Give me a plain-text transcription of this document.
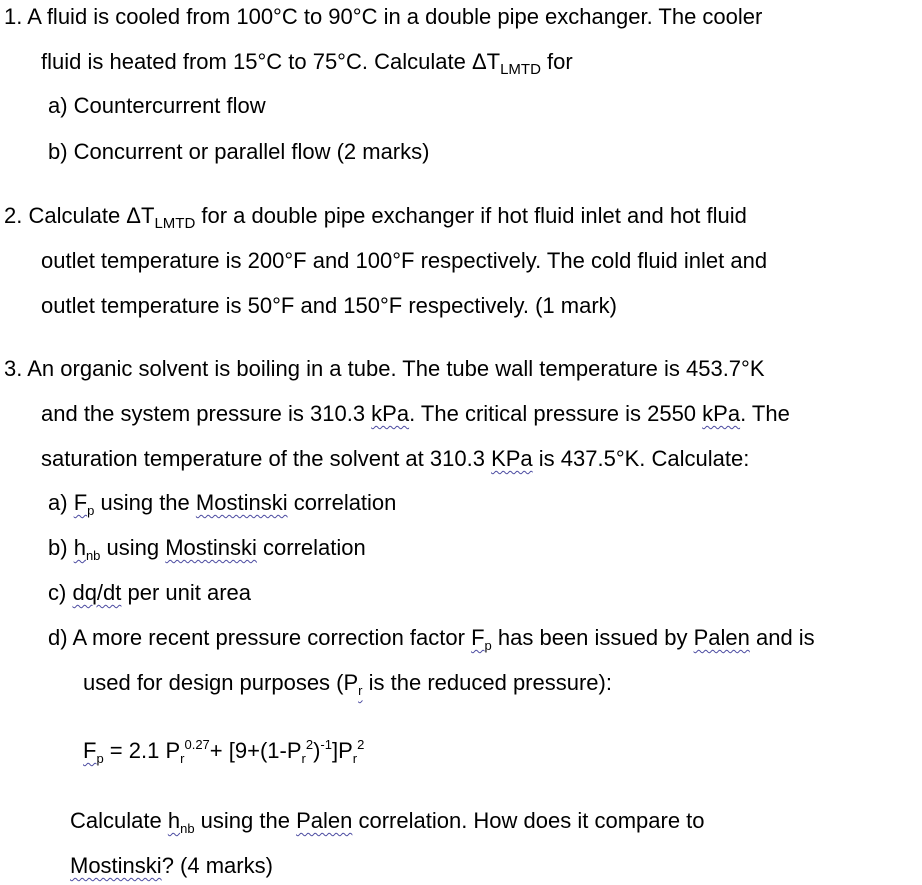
1. A fluid is cooled from 100°C to 90°C in a double pipe exchanger. The cooler
fluid is heated from 15°C to 75°C. Calculate $\Delta T_{LMTD}$ for
a) Countercurrent flow
b) Concurrent or parallel flow (2 marks)
2. Calculate $\Delta T_{LMTD}$ for a double pipe exchanger if hot fluid inlet and hot fluid
outlet temperature is 200°F and 100°F respectively. The cold fluid inlet and
outlet temperature is 50°F and 150°F respectively. (1 mark)
3. An organic solvent is boiling in a tube. The tube wall temperature is 453.7°K
and the system pressure is 310.3 kPa. The critical pressure is 2550 kPa. The
saturation temperature of the solvent at 310.3 KPa is 437.5°K. Calculate:
a) $F_p$ using the Mostinski correlation
b) $h_{nb}$ using Mostinski correlation
c) dq/dt per unit area
d) A more recent pressure correction factor $F_p$ has been issued by Palen and is
used for design purposes ($P_r$ is the reduced pressure):
$F_p = 2.1$ $P_r^{0.27}+ [9+(1-P_r^2)^{-1}]P_r^2$
Calculate $h_{nb}$ using the Palen correlation. How does it compare to
Mostinski? (4 marks)
